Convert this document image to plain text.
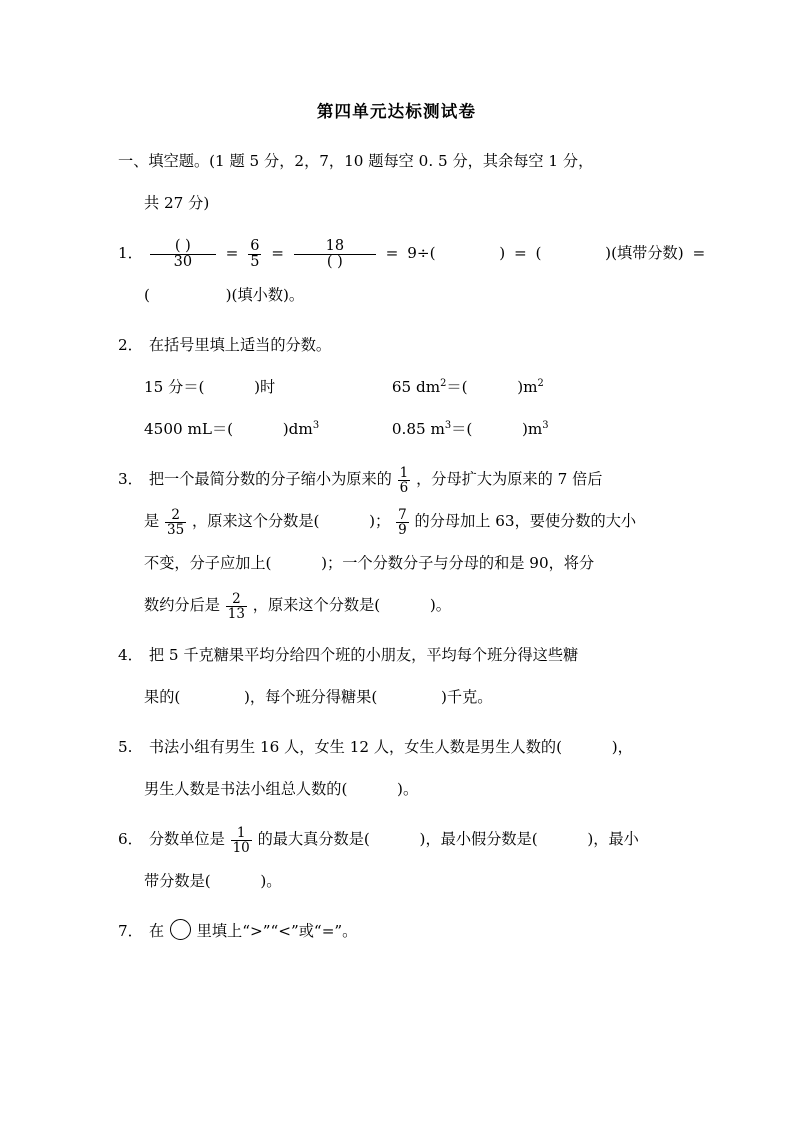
第四单元达标测试卷
一、填空题。(1 题 5 分，2，7，10 题每空 0. 5 分，其余每空 1 分，
共 27 分)
1． $\frac{( )}{30} = \frac{6}{5} = \frac{18}{( )} = 9\div$(	) = (	)(填带分数) =
(	)(填小数)。
2． 在括号里填上适当的分数。
15 分＝(	)时	65 $dm^2=$(	)$m^2$
4500 mL＝(	)$dm^3$	0.85 $m^3=$(	)$m^3$
3． 把一个最简分数的分子缩小为原来的 $\frac{1}{6}$ ，分母扩大为原来的 7 倍后
是 $\frac{2}{35}$ ，原来这个分数是(	)； $\frac{7}{9}$ 的分母加上 63，要使分数的大小
不变，分子应加上(	)；一个分数分子与分母的和是 90，将分
数约分后是 $\frac{2}{13}$ ，原来这个分数是(	)。
4． 把 5 千克糖果平均分给四个班的小朋友，平均每个班分得这些糖
果的(	)，每个班分得糖果(	)千克。
5. 书法小组有男生 16 人，女生 12 人，女生人数是男生人数的(	)，
男生人数是书法小组总人数的(	)。
6． 分数单位是 $\frac{1}{10}$ 的最大真分数是(	)，最小假分数是(	)，最小
带分数是(	)。
7． 在 里填上“>”“<”或“=”。
